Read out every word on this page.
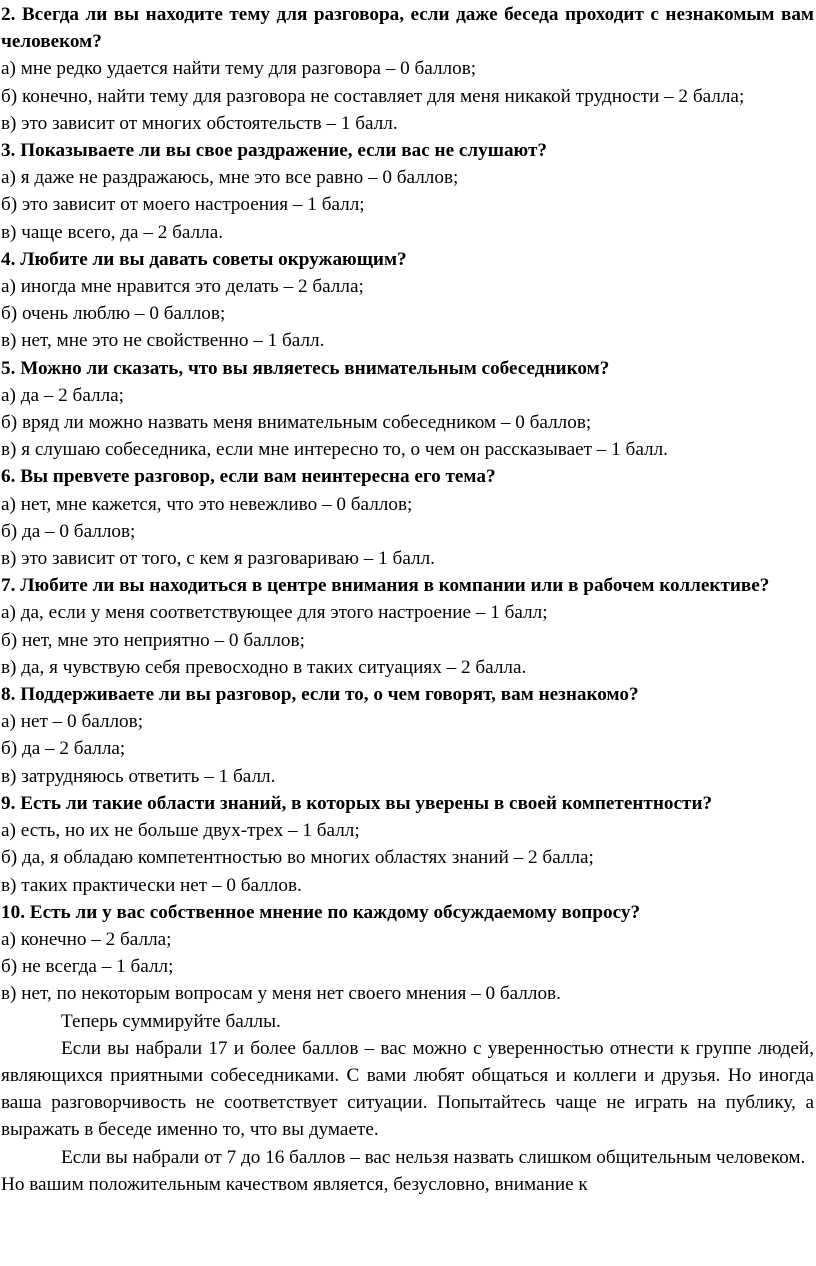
2. Всегда ли вы находите тему для разговора, если даже беседа проходит с незнакомым вам человеком?

а) мне редко удается найти тему для разговора – 0 баллов;

б) конечно, найти тему для разговора не составляет для меня никакой трудности – 2 балла;

в) это зависит от многих обстоятельств – 1 балл.

3. Показываете ли вы свое раздражение, если вас не слушают?

а) я даже не раздражаюсь, мне это все равно – 0 баллов;

б) это зависит от моего настроения – 1 балл;

в) чаще всего, да – 2 балла.

4. Любите ли вы давать советы окружающим?

а) иногда мне нравится это делать – 2 балла;

б) очень люблю – 0 баллов;

в) нет, мне это не свойственно – 1 балл.

5. Можно ли сказать, что вы являетесь внимательным собеседником?

а) да – 2 балла;

б) вряд ли можно назвать меня внимательным собеседником – 0 баллов;

в) я слушаю собеседника, если мне интересно то, о чем он рассказывает – 1 балл.

6. Вы превvете разговор, если вам неинтересна его тема?

а) нет, мне кажется, что это невежливо – 0 баллов;

б) да – 0 баллов;

в) это зависит от того, с кем я разговариваю – 1 балл.

7. Любите ли вы находиться в центре внимания в компании или в рабочем коллективе?

а) да, если у меня соответствующее для этого настроение – 1 балл;

б) нет, мне это неприятно – 0 баллов;

в) да, я чувствую себя превосходно в таких ситуациях – 2 балла.

8. Поддерживаете ли вы разговор, если то, о чем говорят, вам незнакомо?

а) нет – 0 баллов;

б) да – 2 балла;

в) затрудняюсь ответить – 1 балл.

9. Есть ли такие области знаний, в которых вы уверены в своей компетентности?

а) есть, но их не больше двух-трех – 1 балл;

б) да, я обладаю компетентностью во многих областях знаний – 2 балла;

в) таких практически нет – 0 баллов.

10. Есть ли у вас собственное мнение по каждому обсуждаемому вопросу?

а) конечно – 2 балла;

б) не всегда – 1 балл;

в) нет, по некоторым вопросам у меня нет своего мнения – 0 баллов.

Теперь суммируйте баллы.

Если вы набрали 17 и более баллов – вас можно с уверенностью отнести к группе людей, являющихся приятными собеседниками. С вами любят общаться и коллеги и друзья. Но иногда ваша разговорчивость не соответствует ситуации. Попытайтесь чаще не играть на публику, а выражать в беседе именно то, что вы думаете.

Если вы набрали от 7 до 16 баллов – вас нельзя назвать слишком общительным человеком. Но вашим положительным качеством является, безусловно, внимание к
